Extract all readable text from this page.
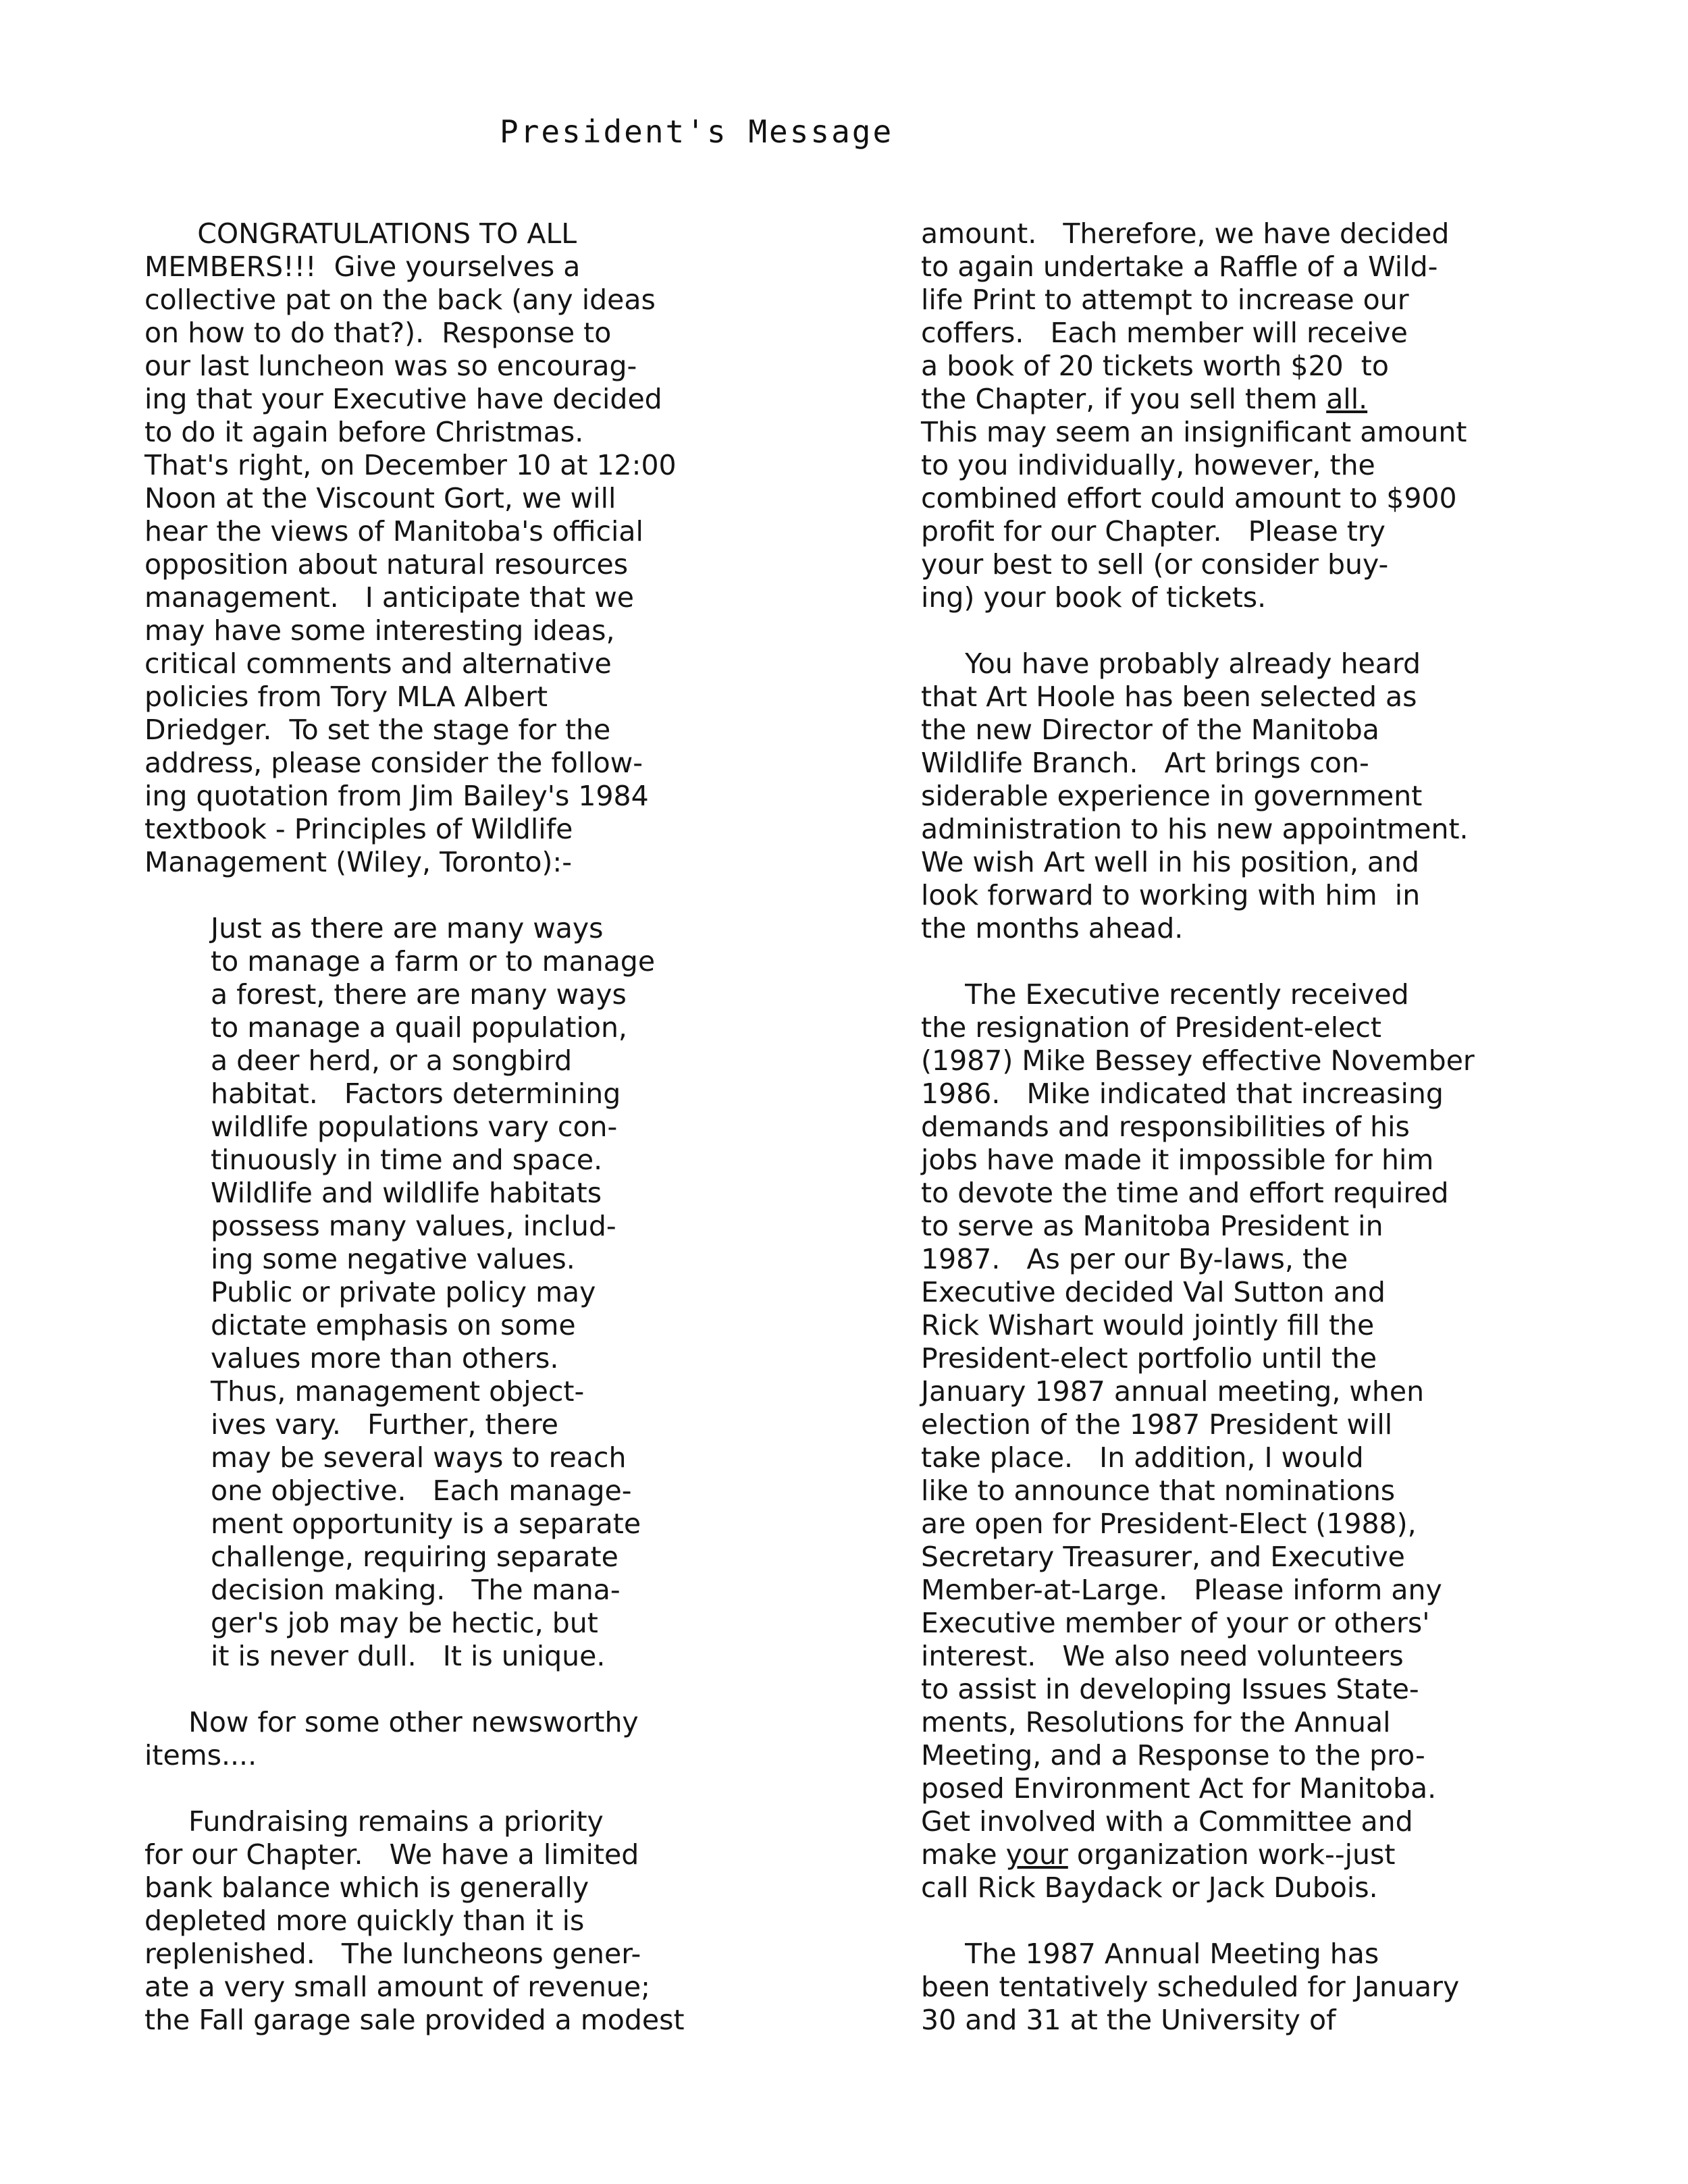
President's Message
CONGRATULATIONS TO ALL
MEMBERS!!!  Give yourselves a
collective pat on the back (any ideas
on how to do that?).  Response to
our last luncheon was so encourag-
ing that your Executive have decided
to do it again before Christmas.
That's right, on December 10 at 12:00
Noon at the Viscount Gort, we will
hear the views of Manitoba's official
opposition about natural resources
management.   I anticipate that we
may have some interesting ideas,
critical comments and alternative
policies from Tory MLA Albert
Driedger.  To set the stage for the
address, please consider the follow-
ing quotation from Jim Bailey's 1984
textbook - Principles of Wildlife
Management (Wiley, Toronto):-
Just as there are many ways
to manage a farm or to manage
a forest, there are many ways
to manage a quail population,
a deer herd, or a songbird
habitat.   Factors determining
wildlife populations vary con-
tinuously in time and space.
Wildlife and wildlife habitats
possess many values, includ-
ing some negative values.
Public or private policy may
dictate emphasis on some
values more than others.
Thus, management object-
ives vary.   Further, there
may be several ways to reach
one objective.   Each manage-
ment opportunity is a separate
challenge, requiring separate
decision making.   The mana-
ger's job may be hectic, but
it is never dull.   It is unique.
Now for some other newsworthy
items....
Fundraising remains a priority
for our Chapter.   We have a limited
bank balance which is generally
depleted more quickly than it is
replenished.   The luncheons gener-
ate a very small amount of revenue;
the Fall garage sale provided a modest
amount.   Therefore, we have decided
to again undertake a Raffle of a Wild-
life Print to attempt to increase our
coffers.   Each member will receive
a book of 20 tickets worth $20  to
the Chapter, if you sell them all.
This may seem an insignificant amount
to you individually, however, the
combined effort could amount to $900
profit for our Chapter.   Please try
your best to sell (or consider buy-
ing) your book of tickets.
You have probably already heard
that Art Hoole has been selected as
the new Director of the Manitoba
Wildlife Branch.   Art brings con-
siderable experience in government
administration to his new appointment.
We wish Art well in his position, and
look forward to working with him  in
the months ahead.
The Executive recently received
the resignation of President-elect
(1987) Mike Bessey effective November
1986.   Mike indicated that increasing
demands and responsibilities of his
jobs have made it impossible for him
to devote the time and effort required
to serve as Manitoba President in
1987.   As per our By-laws, the
Executive decided Val Sutton and
Rick Wishart would jointly fill the
President-elect portfolio until the
January 1987 annual meeting, when
election of the 1987 President will
take place.   In addition, I would
like to announce that nominations
are open for President-Elect (1988),
Secretary Treasurer, and Executive
Member-at-Large.   Please inform any
Executive member of your or others'
interest.   We also need volunteers
to assist in developing Issues State-
ments, Resolutions for the Annual
Meeting, and a Response to the pro-
posed Environment Act for Manitoba.
Get involved with a Committee and
make your organization work--just
call Rick Baydack or Jack Dubois.
The 1987 Annual Meeting has
been tentatively scheduled for January
30 and 31 at the University of
